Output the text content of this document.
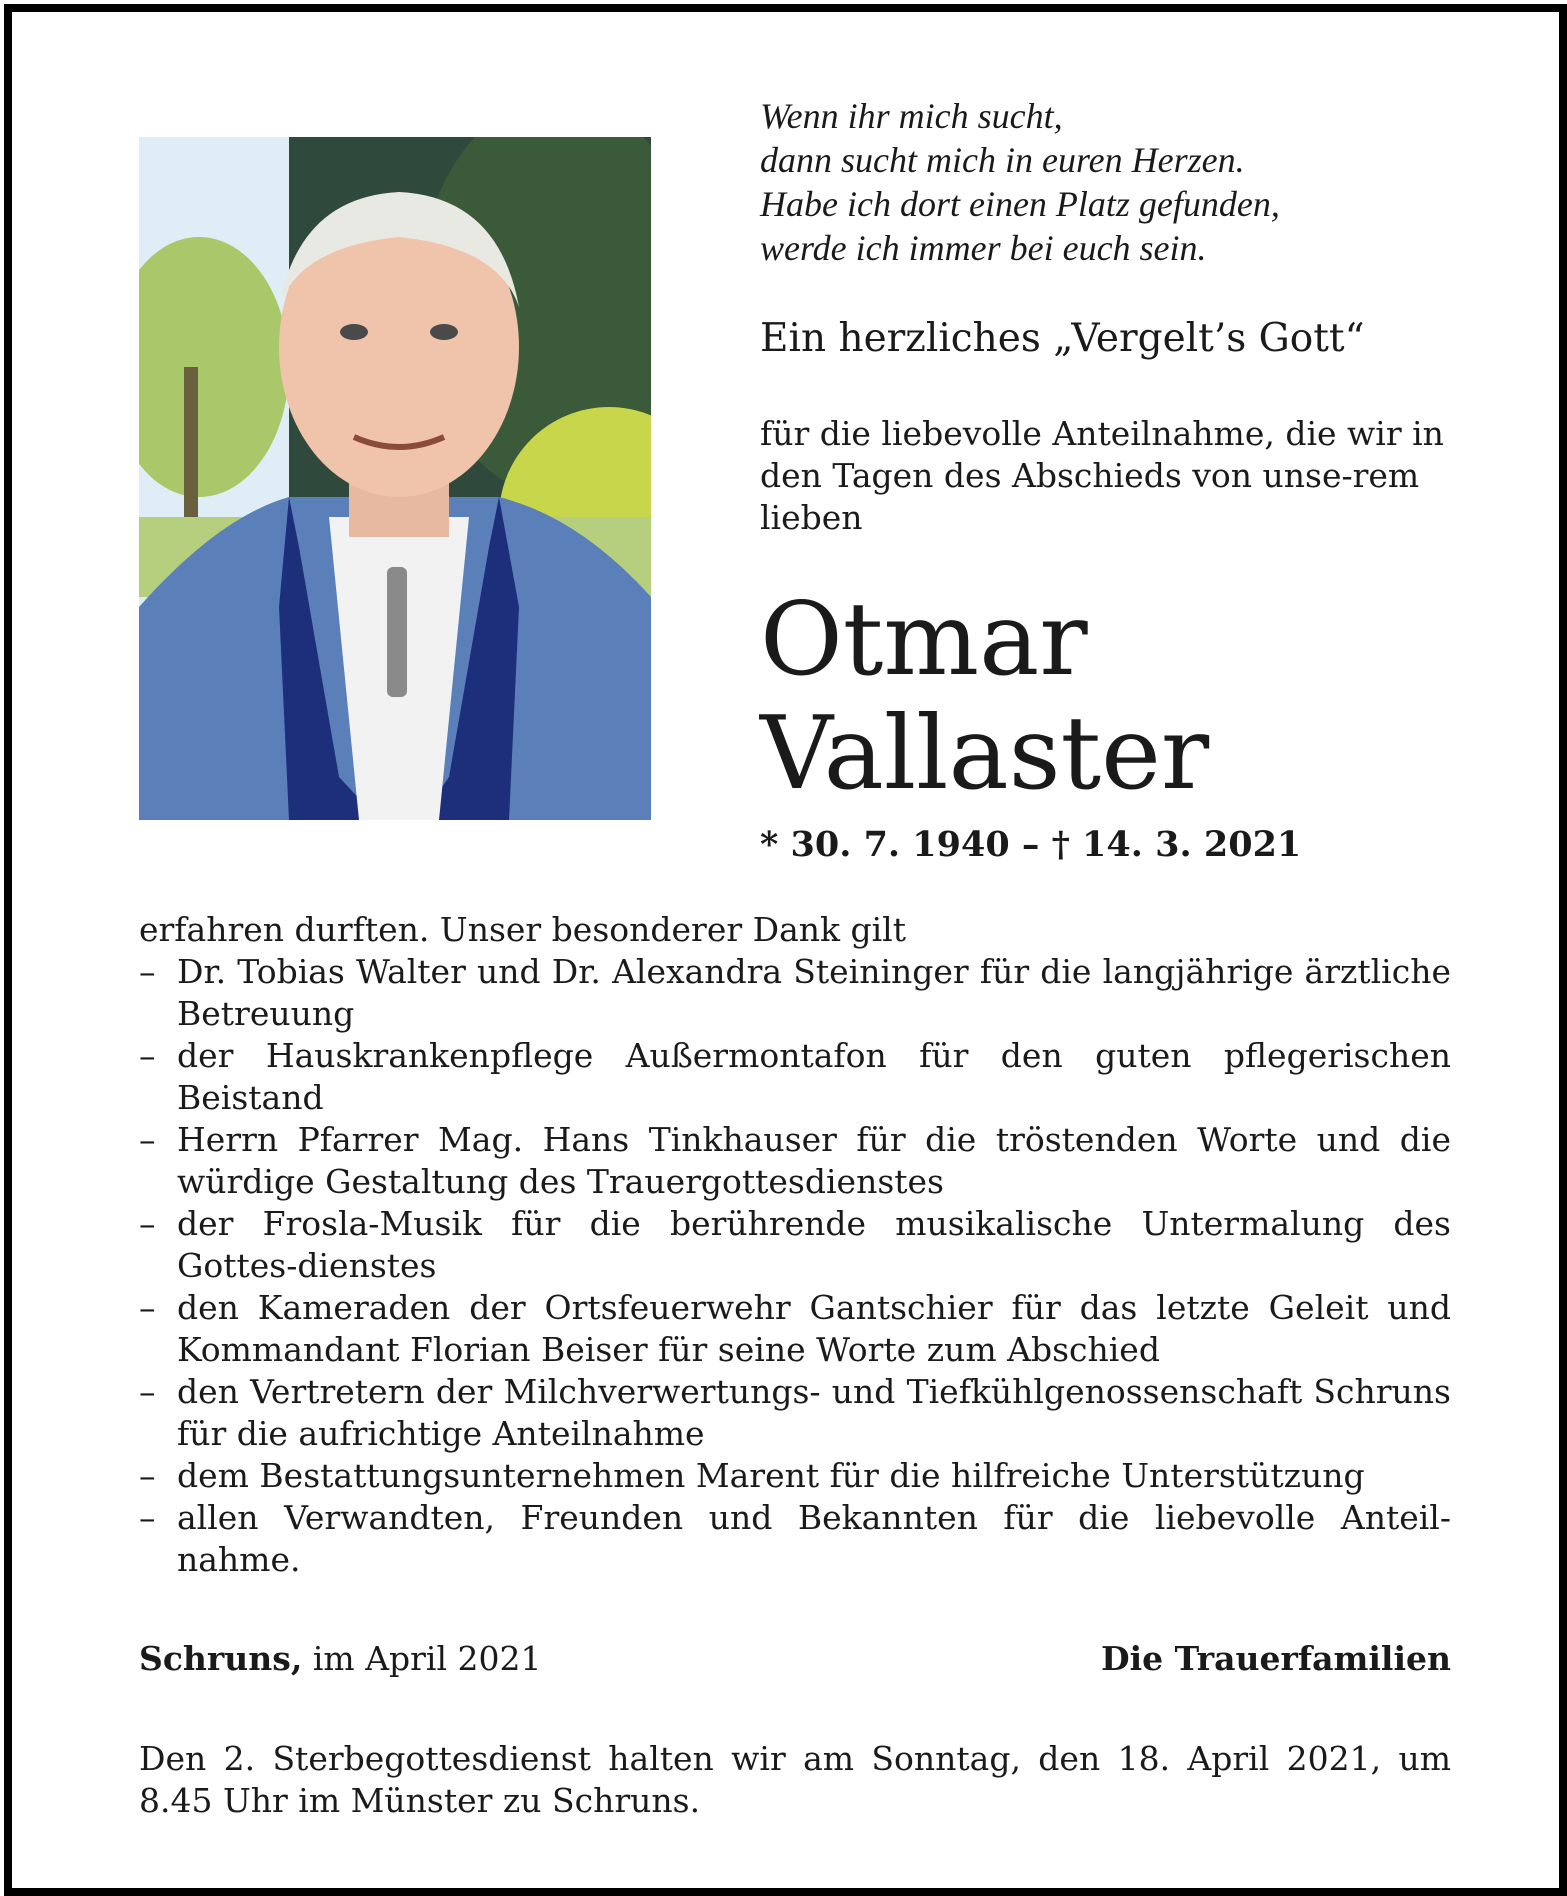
Wenn ihr mich sucht,
dann sucht mich in euren Herzen.
Habe ich dort einen Platz gefunden,
werde ich immer bei euch sein.
Ein herzliches „Vergelt’s Gott“
für die liebevolle Anteilnahme, die wir in den Tagen des Abschieds von unse-rem lieben
Otmar
Vallaster
* 30. 7. 1940 – † 14. 3. 2021
erfahren durften. Unser besonderer Dank gilt
– Dr. Tobias Walter und Dr. Alexandra Steininger für die langjährige ärztliche Betreuung
– der Hauskrankenpflege Außermontafon für den guten pflegerischen Beistand
– Herrn Pfarrer Mag. Hans Tinkhauser für die tröstenden Worte und die würdige Gestaltung des Trauergottesdienstes
– der Frosla-Musik für die berührende musikalische Untermalung des Gottes-dienstes
– den Kameraden der Ortsfeuerwehr Gantschier für das letzte Geleit und Kommandant Florian Beiser für seine Worte zum Abschied
– den Vertretern der Milchverwertungs- und Tiefkühlgenossenschaft Schruns für die aufrichtige Anteilnahme
– dem Bestattungsunternehmen Marent für die hilfreiche Unterstützung
– allen Verwandten, Freunden und Bekannten für die liebevolle Anteil-nahme.
Schruns, im April 2021	Die Trauerfamilien
Den 2. Sterbegottesdienst halten wir am Sonntag, den 18. April 2021, um 8.45 Uhr im Münster zu Schruns.
